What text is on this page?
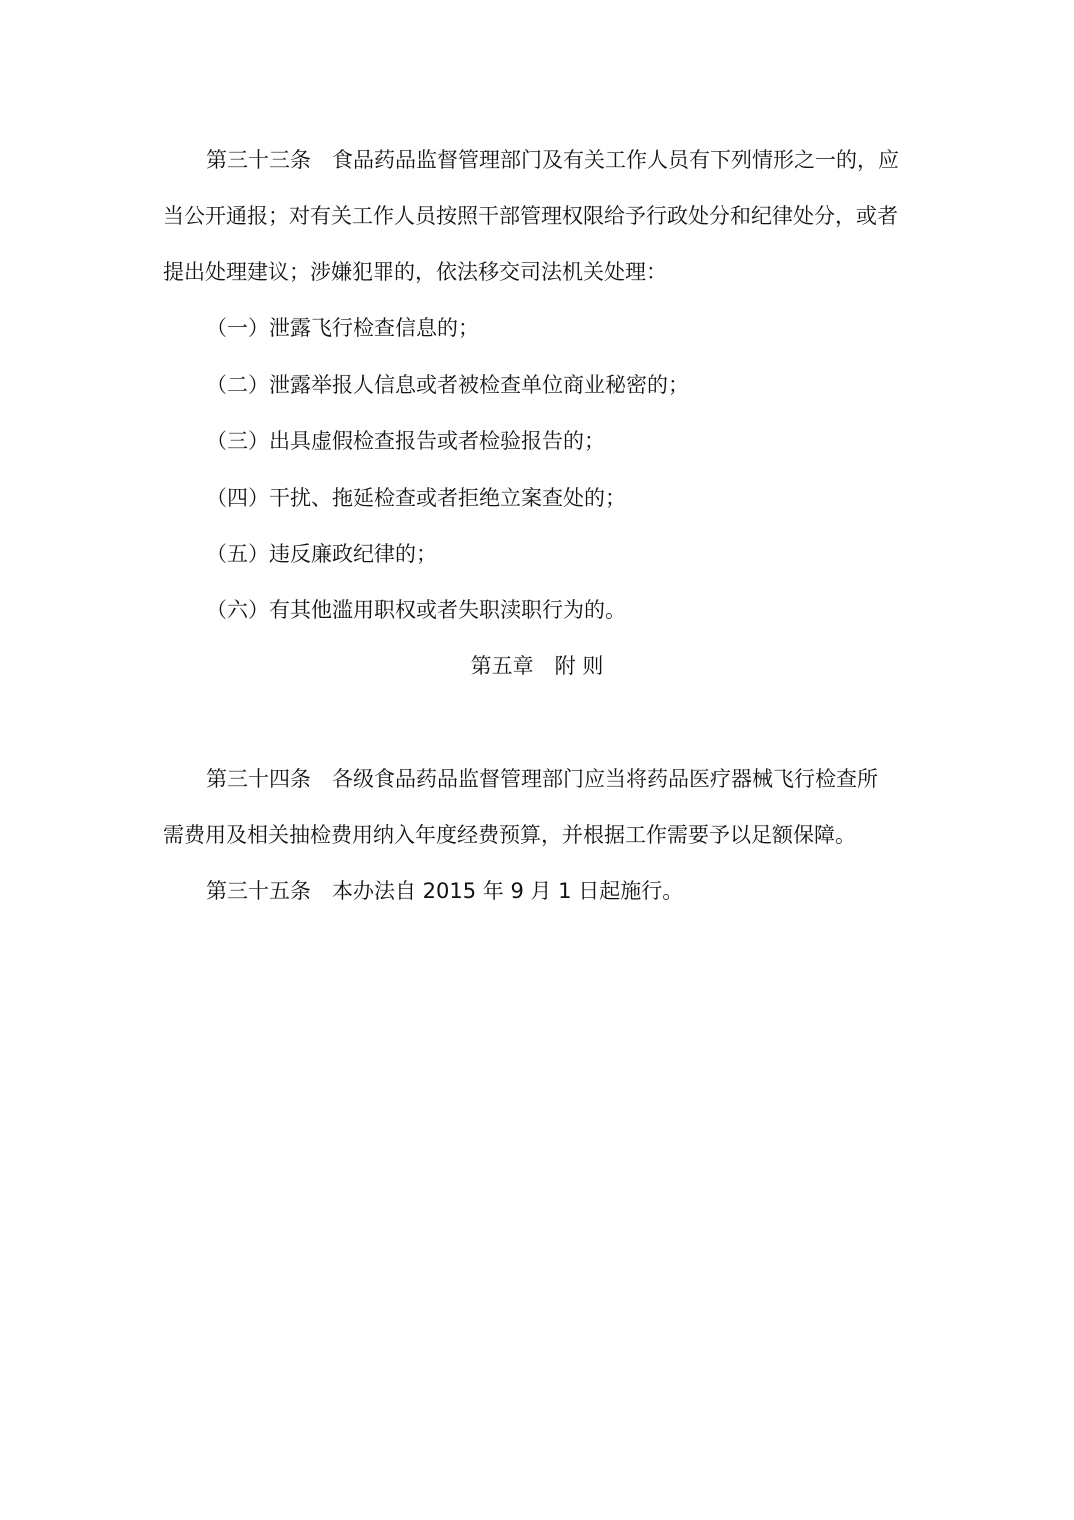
第三十三条　食品药品监督管理部门及有关工作人员有下列情形之一的，应
当公开通报；对有关工作人员按照干部管理权限给予行政处分和纪律处分，或者
提出处理建议；涉嫌犯罪的，依法移交司法机关处理：
（一）泄露飞行检查信息的；
（二）泄露举报人信息或者被检查单位商业秘密的；
（三）出具虚假检查报告或者检验报告的；
（四）干扰、拖延检查或者拒绝立案查处的；
（五）违反廉政纪律的；
（六）有其他滥用职权或者失职渎职行为的。
第五章　附 则
第三十四条　各级食品药品监督管理部门应当将药品医疗器械飞行检查所
需费用及相关抽检费用纳入年度经费预算，并根据工作需要予以足额保障。
第三十五条　本办法自 2015 年 9 月 1 日起施行。
